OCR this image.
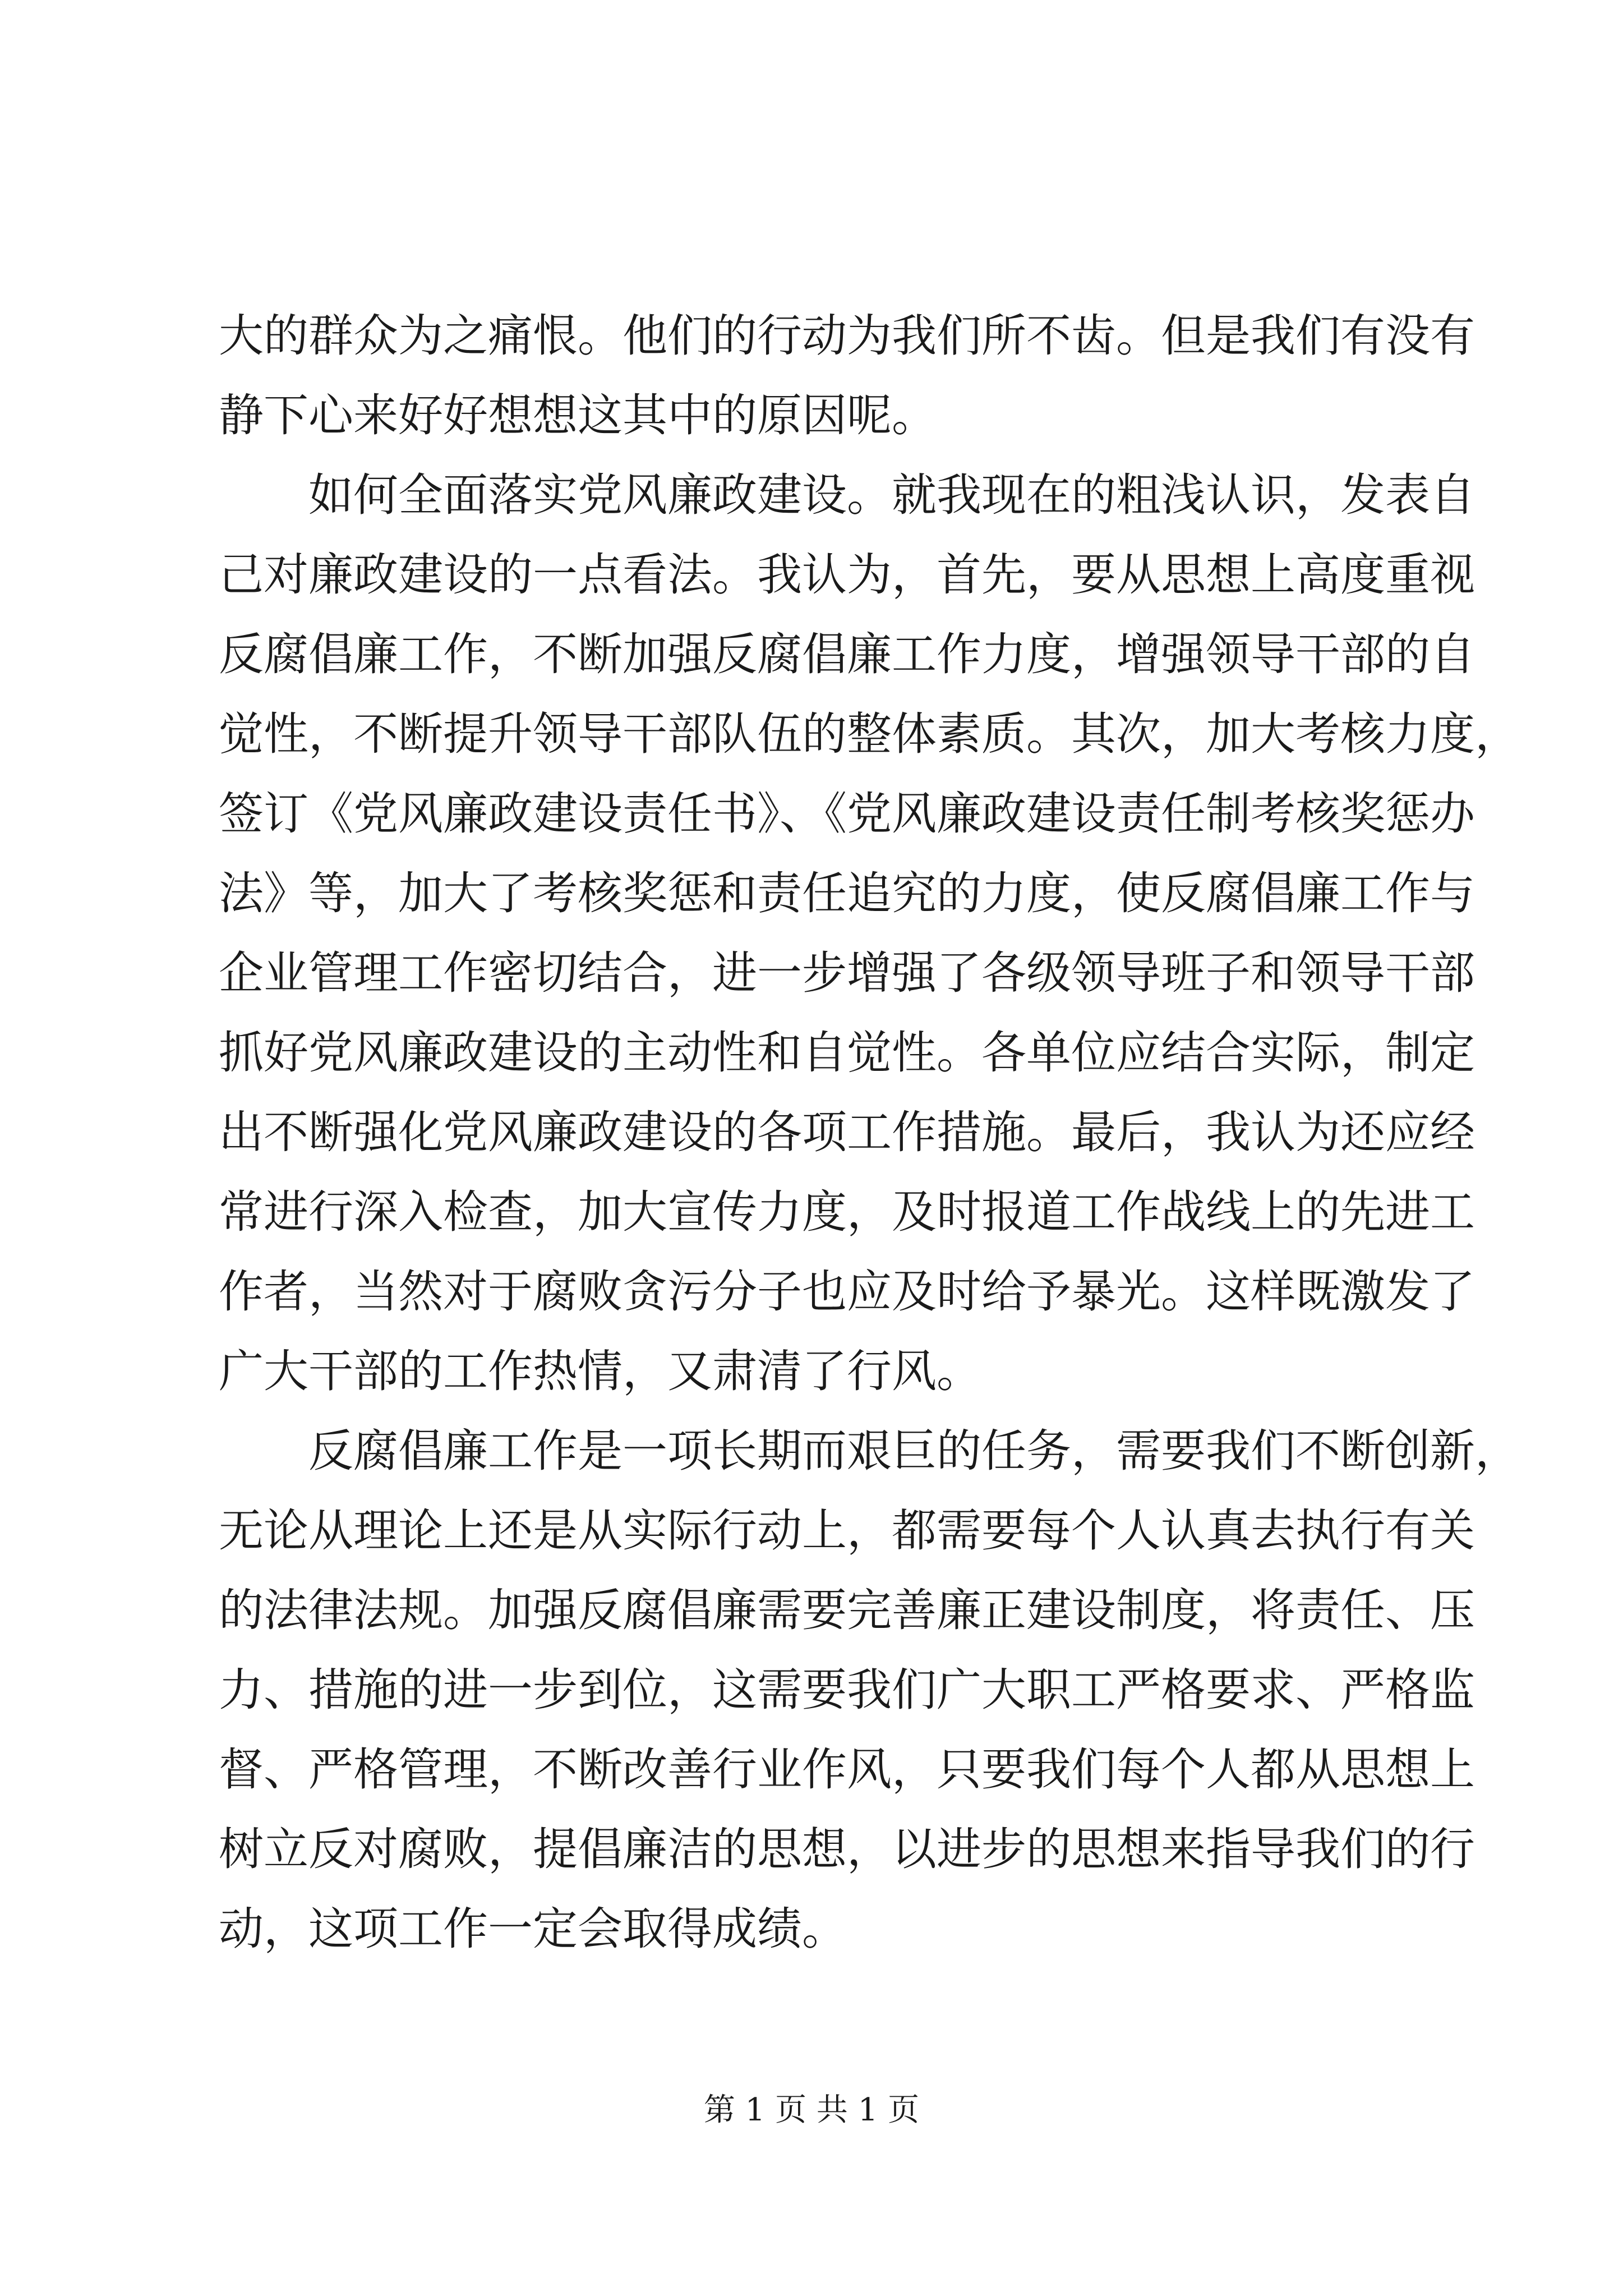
大的群众为之痛恨。他们的行动为我们所不齿。但是我们有没有
静下心来好好想想这其中的原因呢。
如何全面落实党风廉政建设。就我现在的粗浅认识，发表自
己对廉政建设的一点看法。我认为，首先，要从思想上高度重视
反腐倡廉工作，不断加强反腐倡廉工作力度，增强领导干部的自
觉性，不断提升领导干部队伍的整体素质。其次，加大考核力度，
签订《党风廉政建设责任书》、《党风廉政建设责任制考核奖惩办
法》等，加大了考核奖惩和责任追究的力度，使反腐倡廉工作与
企业管理工作密切结合，进一步增强了各级领导班子和领导干部
抓好党风廉政建设的主动性和自觉性。各单位应结合实际，制定
出不断强化党风廉政建设的各项工作措施。最后，我认为还应经
常进行深入检查，加大宣传力度，及时报道工作战线上的先进工
作者，当然对于腐败贪污分子也应及时给予暴光。这样既激发了
广大干部的工作热情，又肃清了行风。
反腐倡廉工作是一项长期而艰巨的任务，需要我们不断创新，
无论从理论上还是从实际行动上，都需要每个人认真去执行有关
的法律法规。加强反腐倡廉需要完善廉正建设制度，将责任、压
力、措施的进一步到位，这需要我们广大职工严格要求、严格监
督、严格管理，不断改善行业作风，只要我们每个人都从思想上
树立反对腐败，提倡廉洁的思想，以进步的思想来指导我们的行
动，这项工作一定会取得成绩。
第 1 页 共 1 页
